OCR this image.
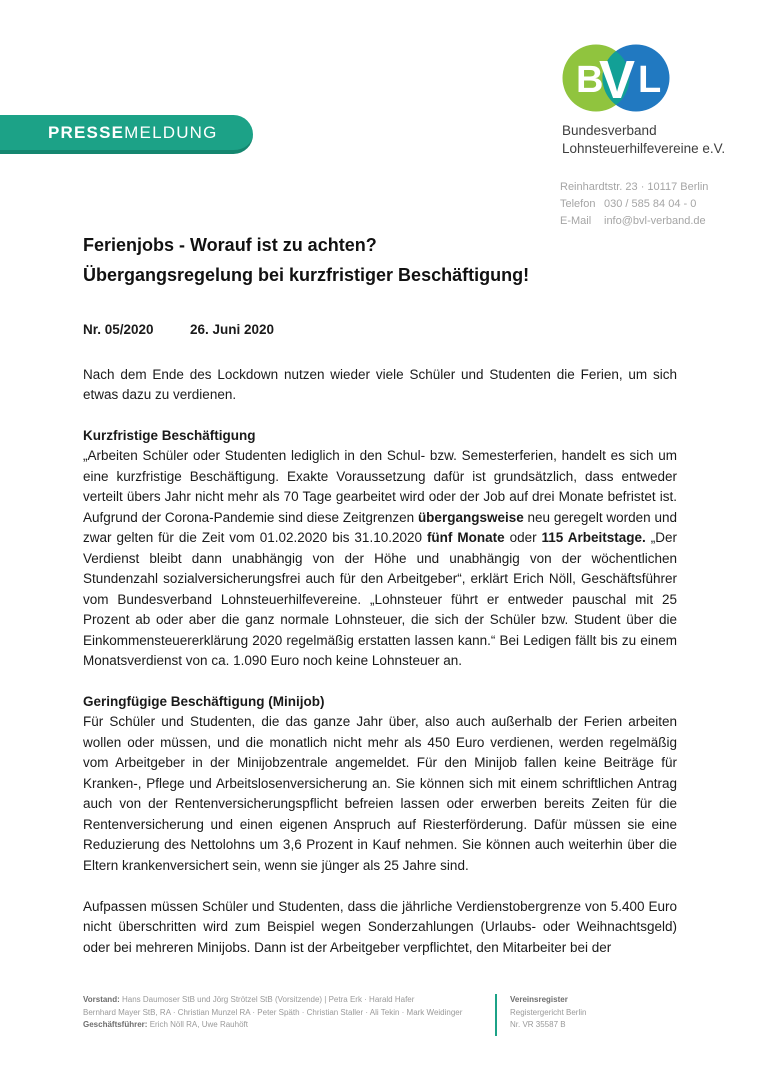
PRESSEMELDUNG
B
V L
Bundesverband
Lohnsteuerhilfevereine e.V.
Reinhardtstr. 23 · 10117 Berlin
Telefon 030 / 585 84 04 - 0
E-Mail	info@bvl-verband.de
Ferienjobs - Worauf ist zu achten?
Übergangsregelung bei kurzfristiger Beschäftigung!
Nr. 05/2020	26. Juni 2020

Nach dem Ende des Lockdown nutzen wieder viele Schüler und Studenten die Ferien, um sich etwas dazu zu verdienen.

Kurzfristige Beschäftigung

„Arbeiten Schüler oder Studenten lediglich in den Schul- bzw. Semesterferien, handelt es sich um eine kurzfristige Beschäftigung. Exakte Voraussetzung dafür ist grundsätzlich, dass entweder verteilt übers Jahr nicht mehr als 70 Tage gearbeitet wird oder der Job auf drei Monate befristet ist. Aufgrund der Corona-Pandemie sind diese Zeitgrenzen übergangsweise neu geregelt worden und zwar gelten für die Zeit vom 01.02.2020 bis 31.10.2020 fünf Monate oder 115 Arbeitstage. „Der Verdienst bleibt dann unabhängig von der Höhe und unabhängig von der wöchentlichen Stundenzahl sozialversicherungsfrei auch für den Arbeitgeber“, erklärt Erich Nöll, Geschäftsführer vom Bundesverband Lohnsteuerhilfevereine. „Lohnsteuer führt er entweder pauschal mit 25 Prozent ab oder aber die ganz normale Lohnsteuer, die sich der Schüler bzw. Student über die Einkommensteuererklärung 2020 regelmäßig erstatten lassen kann.“ Bei Ledigen fällt bis zu einem Monatsverdienst von ca. 1.090 Euro noch keine Lohnsteuer an.

Geringfügige Beschäftigung (Minijob)

Für Schüler und Studenten, die das ganze Jahr über, also auch außerhalb der Ferien arbeiten wollen oder müssen, und die monatlich nicht mehr als 450 Euro verdienen, werden regelmäßig vom Arbeitgeber in der Minijobzentrale angemeldet. Für den Minijob fallen keine Beiträge für Kranken-, Pflege und Arbeitslosenversicherung an. Sie können sich mit einem schriftlichen Antrag auch von der Rentenversicherungspflicht befreien lassen oder erwerben bereits Zeiten für die Rentenversicherung und einen eigenen Anspruch auf Riesterförderung. Dafür müssen sie eine Reduzierung des Nettolohns um 3,6 Prozent in Kauf nehmen. Sie können auch weiterhin über die Eltern krankenversichert sein, wenn sie jünger als 25 Jahre sind.

Aufpassen müssen Schüler und Studenten, dass die jährliche Verdienstobergrenze von 5.400 Euro nicht überschritten wird zum Beispiel wegen Sonderzahlungen (Urlaubs- oder Weihnachtsgeld) oder bei mehreren Minijobs. Dann ist der Arbeitgeber verpflichtet, den Mitarbeiter bei der

Vorstand: Hans Daumoser StB und Jörg Strötzel StB (Vorsitzende) | Petra Erk · Harald Hafer
Bernhard Mayer StB, RA · Christian Munzel RA · Peter Späth · Christian Staller · Ali Tekin · Mark Weidinger
Geschäftsführer: Erich Nöll RA, Uwe Rauhöft
Vereinsregister
Registergericht Berlin
Nr. VR 35587 B
